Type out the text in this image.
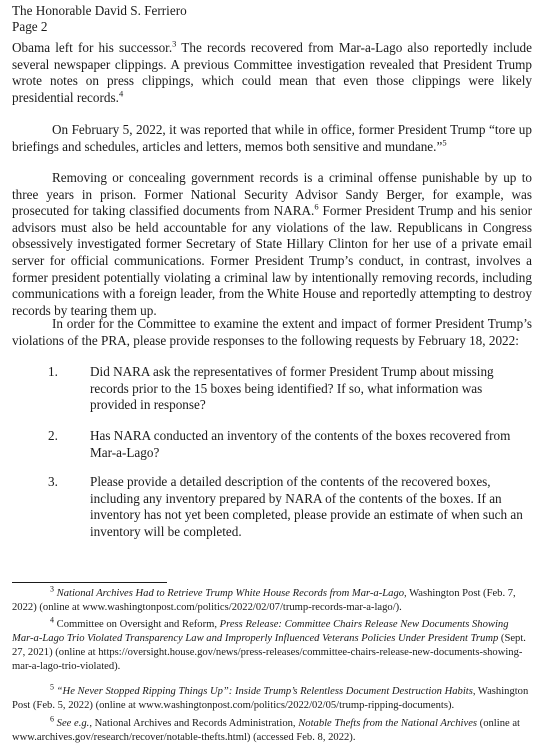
The Honorable David S. Ferriero
Page 2
Obama left for his successor.$^3$ The records recovered from Mar-a-Lago also reportedly include several newspaper clippings. A previous Committee investigation revealed that President Trump wrote notes on press clippings, which could mean that even those clippings were likely presidential records.$^4$
On February 5, 2022, it was reported that while in office, former President Trump “tore up briefings and schedules, articles and letters, memos both sensitive and mundane.”$^5$
Removing or concealing government records is a criminal offense punishable by up to three years in prison. Former National Security Advisor Sandy Berger, for example, was prosecuted for taking classified documents from NARA.$^6$ Former President Trump and his senior advisors must also be held accountable for any violations of the law. Republicans in Congress obsessively investigated former Secretary of State Hillary Clinton for her use of a private email server for official communications. Former President Trump’s conduct, in contrast, involves a former president potentially violating a criminal law by intentionally removing records, including communications with a foreign leader, from the White House and reportedly attempting to destroy records by tearing them up.
In order for the Committee to examine the extent and impact of former President Trump’s violations of the PRA, please provide responses to the following requests by February 18, 2022:
1. Did NARA ask the representatives of former President Trump about missing records prior to the 15 boxes being identified? If so, what information was provided in response?
2. Has NARA conducted an inventory of the contents of the boxes recovered from Mar-a-Lago?
3. Please provide a detailed description of the contents of the recovered boxes, including any inventory prepared by NARA of the contents of the boxes. If an inventory has not yet been completed, please provide an estimate of when such an inventory will be completed.
$^3$ National Archives Had to Retrieve Trump White House Records from Mar-a-Lago, Washington Post (Feb. 7, 2022) (online at www.washingtonpost.com/politics/2022/02/07/trump-records-mar-a-lago/).
$^4$ Committee on Oversight and Reform, Press Release: Committee Chairs Release New Documents Showing Mar-a-Lago Trio Violated Transparency Law and Improperly Influenced Veterans Policies Under President Trump (Sept. 27, 2021) (online at https://oversight.house.gov/news/press-releases/committee-chairs-release-new-documents-showing-mar-a-lago-trio-violated).
$^5$ “He Never Stopped Ripping Things Up”: Inside Trump’s Relentless Document Destruction Habits, Washington Post (Feb. 5, 2022) (online at www.washingtonpost.com/politics/2022/02/05/trump-ripping-documents).
$^6$ See e.g., National Archives and Records Administration, Notable Thefts from the National Archives (online at www.archives.gov/research/recover/notable-thefts.html) (accessed Feb. 8, 2022).
